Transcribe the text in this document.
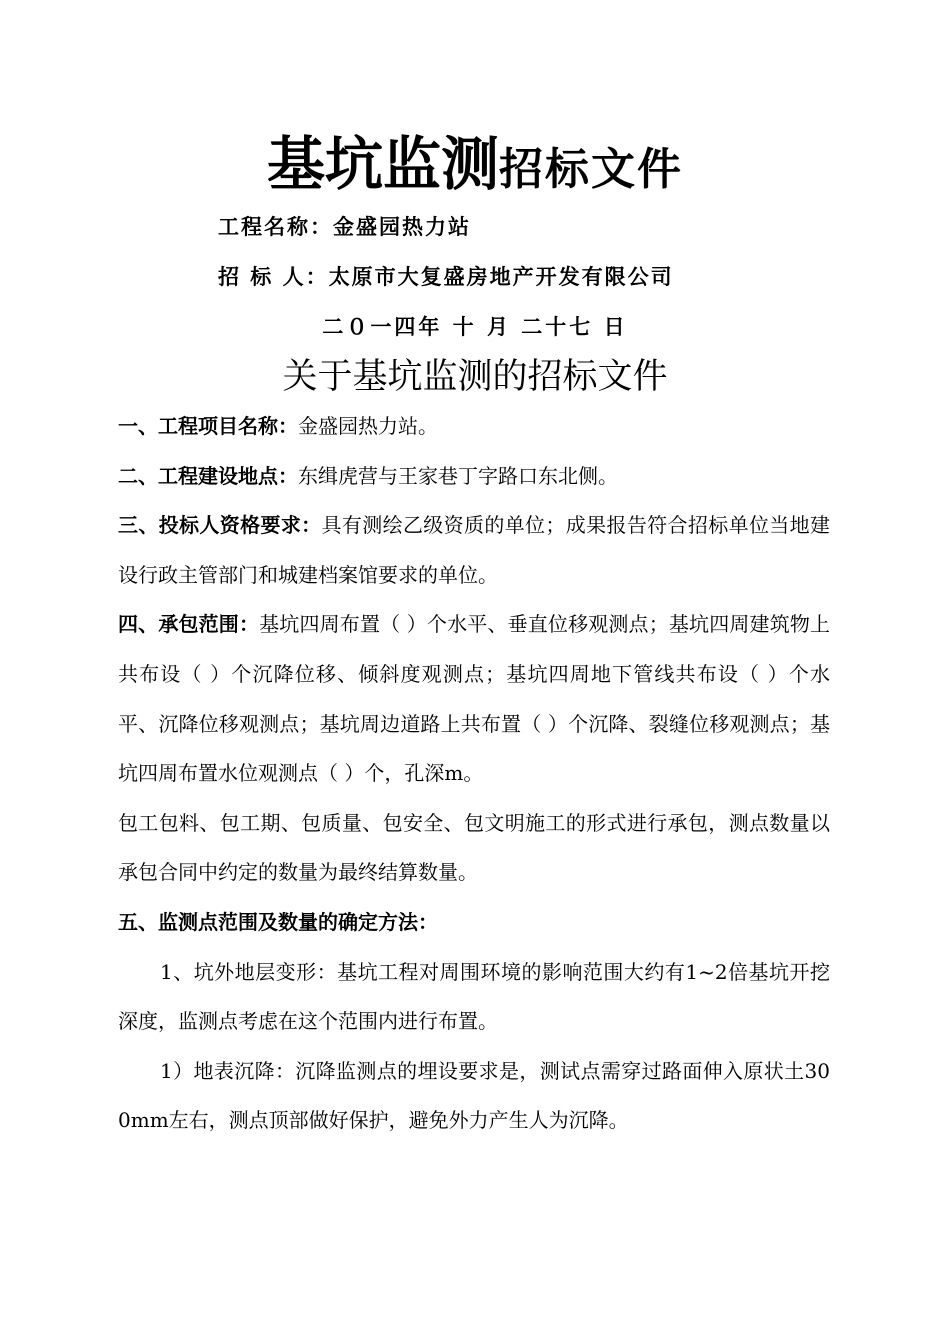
基坑监测招标文件
工程名称：金盛园热力站
招 标 人：太原市大复盛房地产开发有限公司
二０一四年 十 月 二十七 日
关于基坑监测的招标文件

一、工程项目名称：金盛园热力站。

二、工程建设地点：东缉虎营与王家巷丁字路口东北侧。

三、投标人资格要求：具有测绘乙级资质的单位；成果报告符合招标单位当地建设行政主管部门和城建档案馆要求的单位。

四、承包范围：基坑四周布置（ ）个水平、垂直位移观测点；基坑四周建筑物上共布设（ ）个沉降位移、倾斜度观测点；基坑四周地下管线共布设（ ）个水平、沉降位移观测点；基坑周边道路上共布置（ ）个沉降、裂缝位移观测点；基坑四周布置水位观测点（ ）个，孔深m。

包工包料、包工期、包质量、包安全、包文明施工的形式进行承包，测点数量以承包合同中约定的数量为最终结算数量。

五、监测点范围及数量的确定方法：

1、坑外地层变形：基坑工程对周围环境的影响范围大约有1~2倍基坑开挖 深度，监测点考虑在这个范围内进行布置。

1）地表沉降：沉降监测点的埋设要求是，测试点需穿过路面伸入原状土300mm左右，测点顶部做好保护，避免外力产生人为沉降。
